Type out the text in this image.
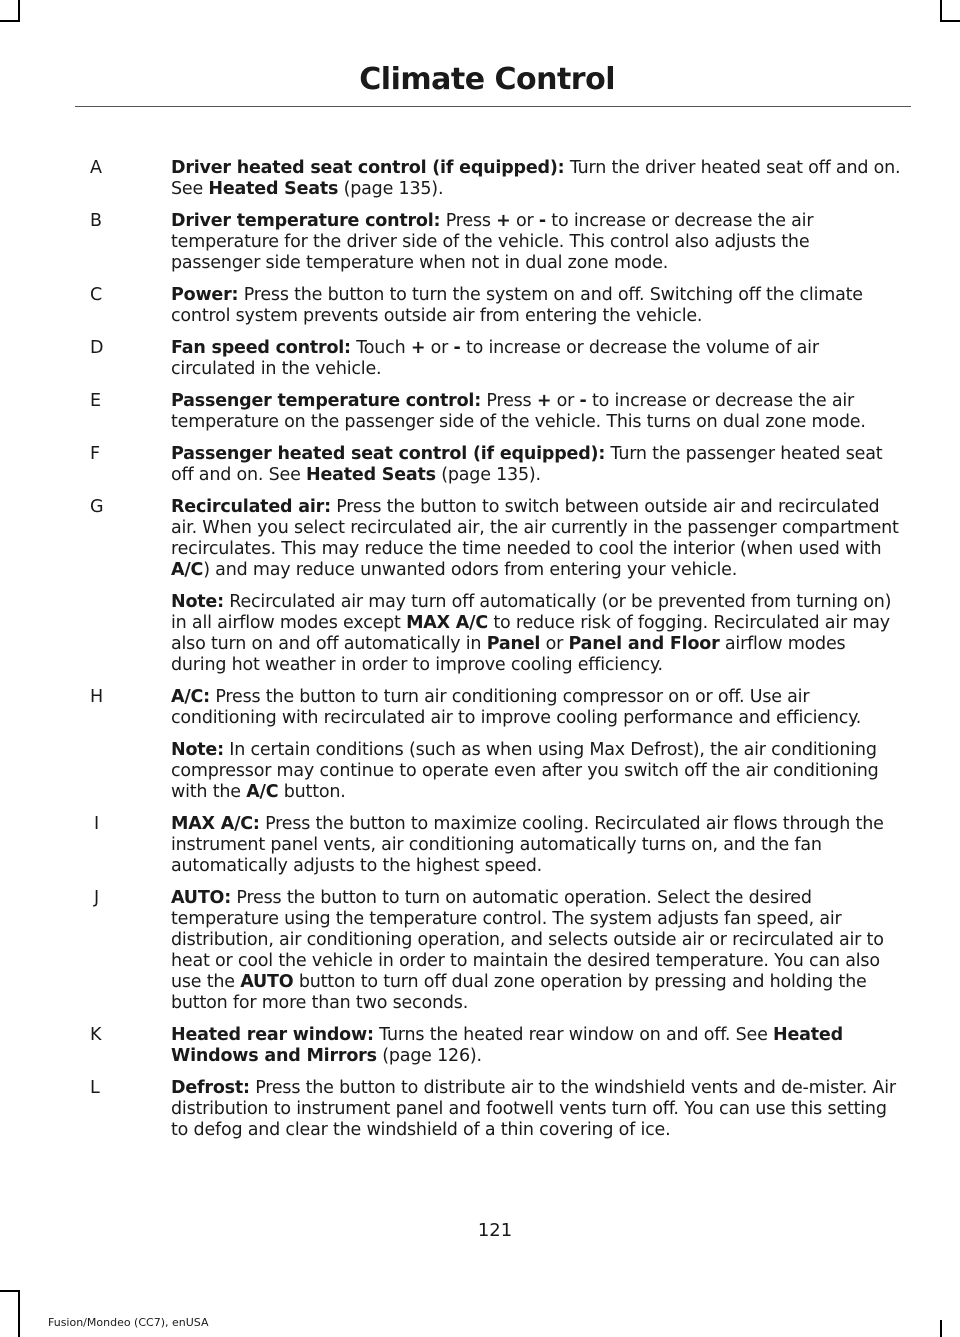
Climate Control
A	Driver heated seat control (if equipped): Turn the driver heated seat off and on. See Heated Seats (page 135).

B	Driver temperature control: Press + or - to increase or decrease the air temperature for the driver side of the vehicle. This control also adjusts the passenger side temperature when not in dual zone mode.

C	Power: Press the button to turn the system on and off. Switching off the climate control system prevents outside air from entering the vehicle.

D	Fan speed control: Touch + or - to increase or decrease the volume of air circulated in the vehicle.

E	Passenger temperature control: Press + or - to increase or decrease the air temperature on the passenger side of the vehicle. This turns on dual zone mode.

F	Passenger heated seat control (if equipped): Turn the passenger heated seat off and on. See Heated Seats (page 135).

G	Recirculated air: Press the button to switch between outside air and recirculated air. When you select recirculated air, the air currently in the passenger compartment recirculates. This may reduce the time needed to cool the interior (when used with A/C) and may reduce unwanted odors from entering your vehicle.

Note: Recirculated air may turn off automatically (or be prevented from turning on) in all airflow modes except MAX A/C to reduce risk of fogging. Recirculated air may also turn on and off automatically in Panel or Panel and Floor airflow modes during hot weather in order to improve cooling efficiency.

H	A/C: Press the button to turn air conditioning compressor on or off. Use air conditioning with recirculated air to improve cooling performance and efficiency.

Note: In certain conditions (such as when using Max Defrost), the air conditioning compressor may continue to operate even after you switch off the air conditioning with the A/C button.

I	MAX A/C: Press the button to maximize cooling. Recirculated air flows through the instrument panel vents, air conditioning automatically turns on, and the fan automatically adjusts to the highest speed.

J	AUTO: Press the button to turn on automatic operation. Select the desired temperature using the temperature control. The system adjusts fan speed, air distribution, air conditioning operation, and selects outside air or recirculated air to heat or cool the vehicle in order to maintain the desired temperature. You can also use the AUTO button to turn off dual zone operation by pressing and holding the button for more than two seconds.

K	Heated rear window: Turns the heated rear window on and off. See Heated Windows and Mirrors (page 126).

L	Defrost: Press the button to distribute air to the windshield vents and de-mister. Air distribution to instrument panel and footwell vents turn off. You can use this setting to defog and clear the windshield of a thin covering of ice.

121
Fusion/Mondeo (CC7), enUSA
